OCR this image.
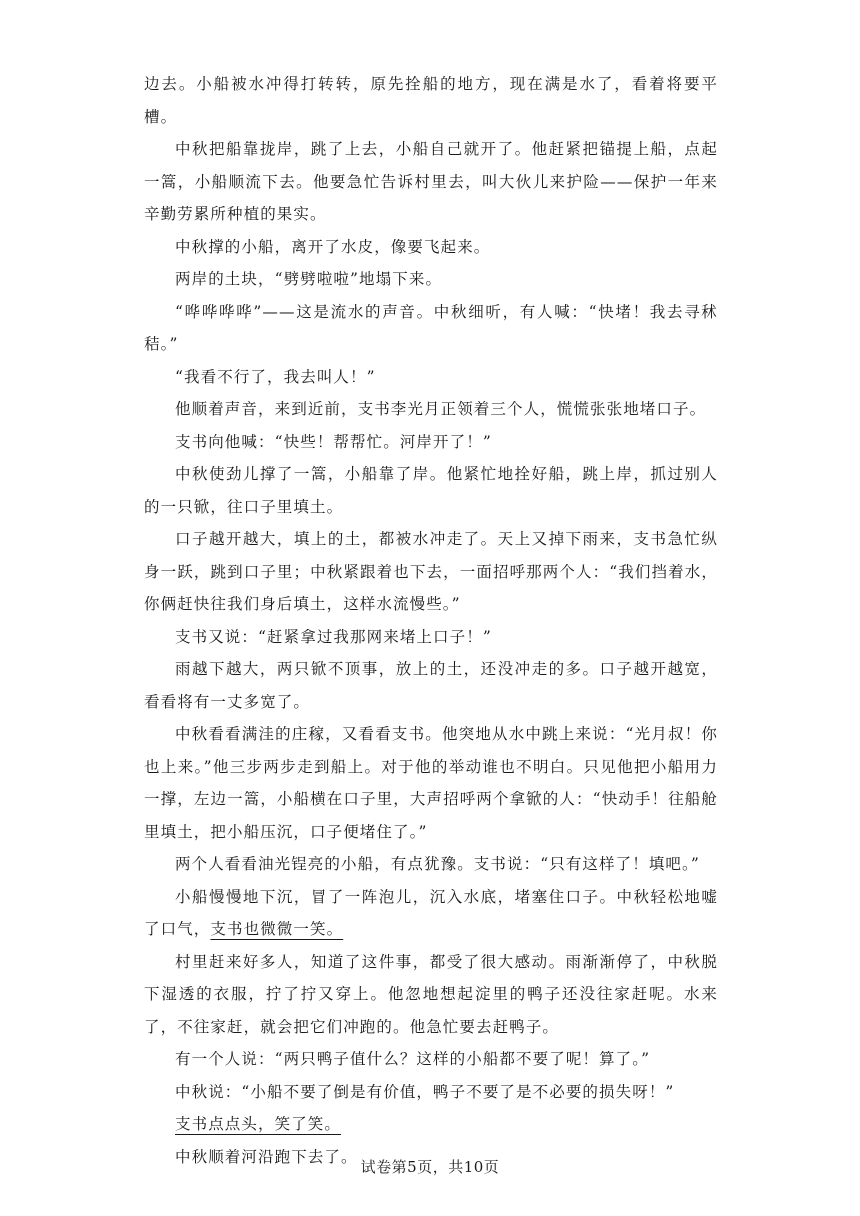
边去。小船被水冲得打转转，原先拴船的地方，现在满是水了，看着将要平槽。

中秋把船靠拢岸，跳了上去，小船自己就开了。他赶紧把锚提上船，点起一篙，小船顺流下去。他要急忙告诉村里去，叫大伙儿来护险——保护一年来辛勤劳累所种植的果实。

中秋撑的小船，离开了水皮，像要飞起来。

两岸的土块，“劈劈啦啦”地塌下来。

“哗哗哗哗”——这是流水的声音。中秋细听，有人喊：“快堵！我去寻秫秸。”

“我看不行了，我去叫人！”

他顺着声音，来到近前，支书李光月正领着三个人，慌慌张张地堵口子。

支书向他喊：“快些！帮帮忙。河岸开了！”

中秋使劲儿撑了一篙，小船靠了岸。他紧忙地拴好船，跳上岸，抓过别人的一只锨，往口子里填土。

口子越开越大，填上的土，都被水冲走了。天上又掉下雨来，支书急忙纵身一跃，跳到口子里；中秋紧跟着也下去，一面招呼那两个人：“我们挡着水，你俩赶快往我们身后填土，这样水流慢些。”

支书又说：“赶紧拿过我那网来堵上口子！”

雨越下越大，两只锨不顶事，放上的土，还没冲走的多。口子越开越宽，看看将有一丈多宽了。

中秋看看满洼的庄稼，又看看支书。他突地从水中跳上来说：“光月叔！你也上来。”他三步两步走到船上。对于他的举动谁也不明白。只见他把小船用力一撑，左边一篙，小船横在口子里，大声招呼两个拿锨的人：“快动手！往船舱里填土，把小船压沉，口子便堵住了。”

两个人看看油光锃亮的小船，有点犹豫。支书说：“只有这样了！填吧。”

小船慢慢地下沉，冒了一阵泡儿，沉入水底，堵塞住口子。中秋轻松地嘘了口气，支书也微微一笑。

村里赶来好多人，知道了这件事，都受了很大感动。雨渐渐停了，中秋脱下湿透的衣服，拧了拧又穿上。他忽地想起淀里的鸭子还没往家赶呢。水来了，不往家赶，就会把它们冲跑的。他急忙要去赶鸭子。

有一个人说：“两只鸭子值什么？这样的小船都不要了呢！算了。”

中秋说：“小船不要了倒是有价值，鸭子不要了是不必要的损失呀！”

支书点点头，笑了笑。

中秋顺着河沿跑下去了。

试卷第5页，共10页
